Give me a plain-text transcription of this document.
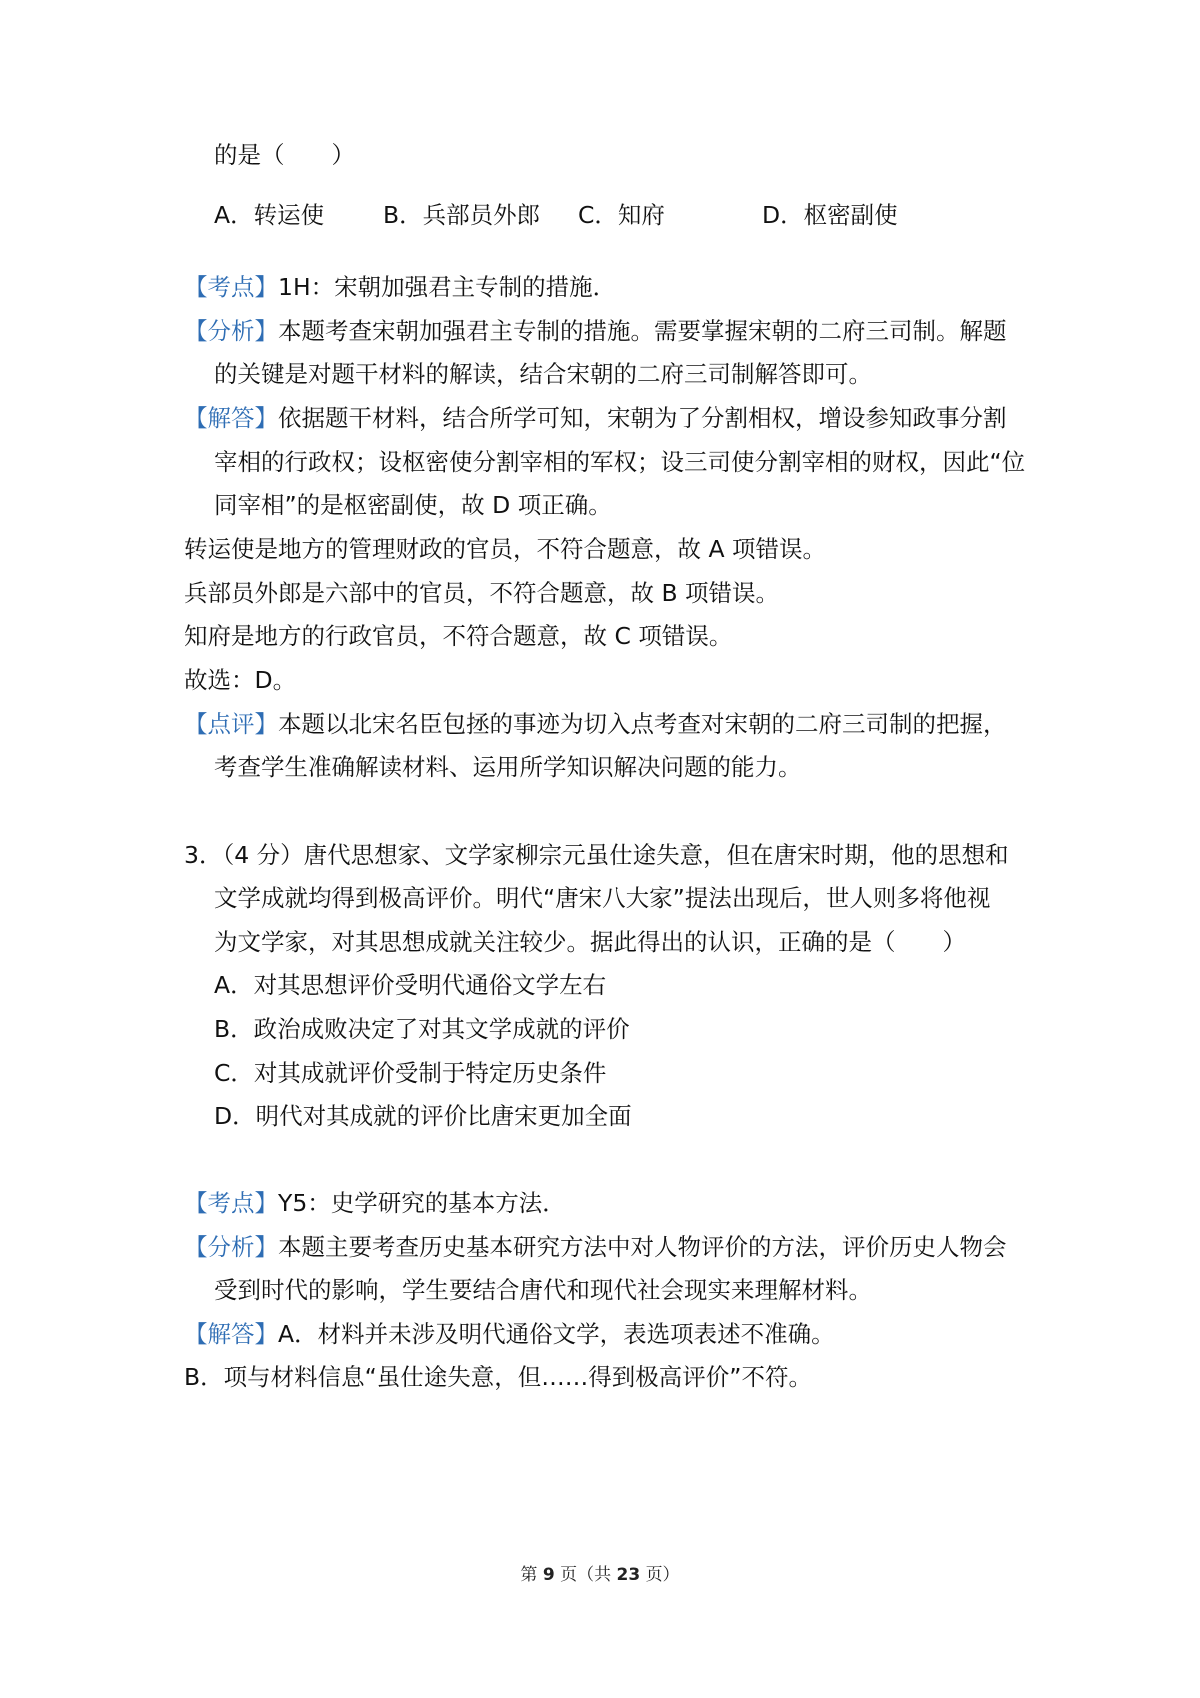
的是（　　）
A．转运使	B．兵部员外郎 C．知府	D．枢密副使
【考点】1H：宋朝加强君主专制的措施．
【分析】本题考查宋朝加强君主专制的措施。需要掌握宋朝的二府三司制。解题
的关键是对题干材料的解读，结合宋朝的二府三司制解答即可。
【解答】依据题干材料，结合所学可知，宋朝为了分割相权，增设参知政事分割
宰相的行政权；设枢密使分割宰相的军权；设三司使分割宰相的财权，因此“位
同宰相”的是枢密副使，故 D 项正确。
转运使是地方的管理财政的官员，不符合题意，故 A 项错误。
兵部员外郎是六部中的官员，不符合题意，故 B 项错误。
知府是地方的行政官员，不符合题意，故 C 项错误。
故选：D。
【点评】本题以北宋名臣包拯的事迹为切入点考查对宋朝的二府三司制的把握，
考查学生准确解读材料、运用所学知识解决问题的能力。
3．（4 分）唐代思想家、文学家柳宗元虽仕途失意，但在唐宋时期，他的思想和
文学成就均得到极高评价。明代“唐宋八大家”提法出现后，世人则多将他视
为文学家，对其思想成就关注较少。据此得出的认识，正确的是（　　）
A．对其思想评价受明代通俗文学左右
B．政治成败决定了对其文学成就的评价
C．对其成就评价受制于特定历史条件
D．明代对其成就的评价比唐宋更加全面
【考点】Y5：史学研究的基本方法．
【分析】本题主要考查历史基本研究方法中对人物评价的方法，评价历史人物会
受到时代的影响，学生要结合唐代和现代社会现实来理解材料。
【解答】A．材料并未涉及明代通俗文学，表选项表述不准确。
B．项与材料信息“虽仕途失意，但……得到极高评价”不符。
第 9 页（共 23 页）
